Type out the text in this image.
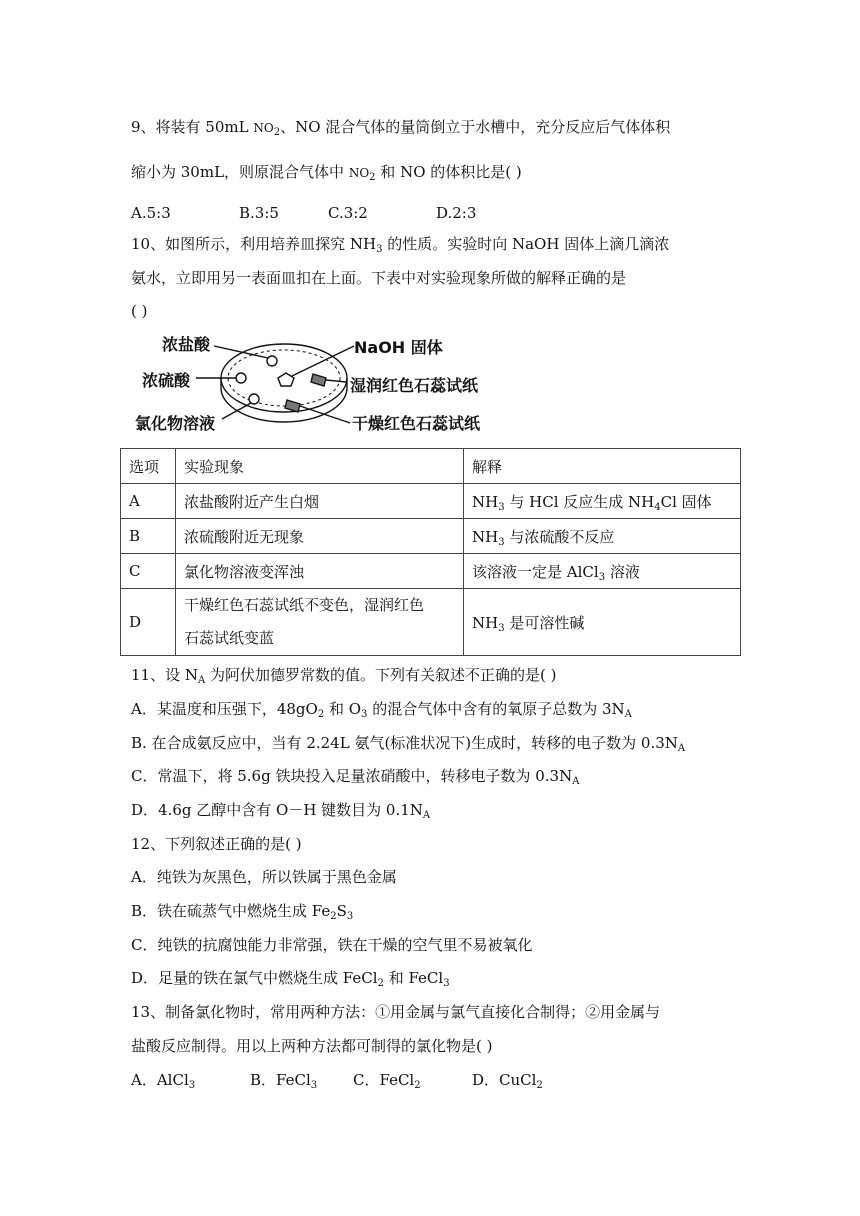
9、将装有 50mL $NO_2$、NO 混合气体的量筒倒立于水槽中，充分反应后气体体积
缩小为 30mL，则原混合气体中 $NO_2$ 和 NO 的体积比是( )
A.5:3	B.3:5	C.3:2	D.2:3
10、如图所示，利用培养皿探究 $NH_3$ 的性质。实验时向 NaOH 固体上滴几滴浓
氨水，立即用另一表面皿扣在上面。下表中对实验现象所做的解释正确的是
( )
浓盐酸
浓硫酸
氯化物溶液
NaOH 固体
湿润红色石蕊试纸
干燥红色石蕊试纸
选项	实验现象	解释
A	浓盐酸附近产生白烟	$NH_3$ 与 HCl 反应生成 $NH_4Cl$ 固体
B	浓硫酸附近无现象	$NH_3$ 与浓硫酸不反应
C	氯化物溶液变浑浊	该溶液一定是 AlCl$_3$ 溶液
D	干燥红色石蕊试纸不变色，湿润红色
石蕊试纸变蓝	$NH_3$ 是可溶性碱
11、设 $N_A$ 为阿伏加德罗常数的值。下列有关叙述不正确的是( )
A．某温度和压强下，$48gO_2$ 和 $O_3$ 的混合气体中含有的氧原子总数为 $3N_A$
B. 在合成氨反应中，当有 2.24L 氨气(标准状况下)生成时，转移的电子数为 $0.3N_A$
C．常温下，将 5.6g 铁块投入足量浓硝酸中，转移电子数为 $0.3N_A$
D．4.6g 乙醇中含有 O－H 键数目为 $0.1N_A$
12、下列叙述正确的是( )
A．纯铁为灰黑色，所以铁属于黑色金属
B．铁在硫蒸气中燃烧生成 $Fe_2S_3$
C．纯铁的抗腐蚀能力非常强，铁在干燥的空气里不易被氧化
D．足量的铁在氯气中燃烧生成 FeCl$_2$ 和 FeCl$_3$
13、制备氯化物时，常用两种方法：①用金属与氯气直接化合制得；②用金属与
盐酸反应制得。用以上两种方法都可制得的氯化物是( )
A．AlCl$_3$	B．FeCl$_3$ C．FeCl$_2$	D．CuCl$_2$
